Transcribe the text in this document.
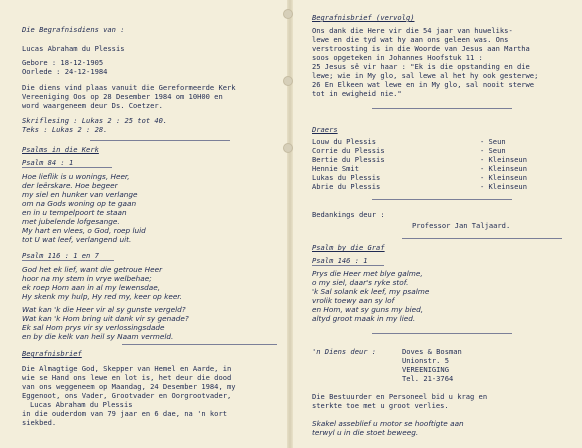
Die Begrafnisdiens van :
Lucas Abraham du Plessis
Gebore : 18-12-1905
Oorlede : 24-12-1984
Die diens vind plaas vanuit die Gereformeerde Kerk
Vereeniging Oos op 28 Desember 1984 om 10H00 en
word waargeneem deur Ds. Coetzer.
Skriflesing : Lukas 2 : 25 tot 40.
Teks : Lukas 2 : 28.
Psalms in die Kerk
Psalm 84 : 1
Hoe lieflik is u wonings, Heer,
der leërskare. Hoe begeer
my siel en hunker van verlange
om na Gods woning op te gaan
en in u tempelpoort te staan
met jubelende lofgesange.
My hart en vlees, o God, roep luid
tot U wat leef, verlangend uit.
Psalm 116 : 1 en 7
God het ek lief, want die getroue Heer
hoor na my stem in vrye welbehae;
ek roep Hom aan in al my lewensdae,
Hy skenk my hulp, Hy red my, keer op keer.
Wat kan 'k die Heer vir al sy gunste vergeld?
Wat kan 'k Hom bring uit dank vir sy genade?
Ek sal Hom prys vir sy verlossingsdade
en by die kelk van heil sy Naam vermeld.
Begrafnisbrief
Die Almagtige God, Skepper van Hemel en Aarde, in
wie se Hand ons lewe en lot is, het deur die dood
van ons weggeneem op Maandag, 24 Desember 1984, my
Eggenoot, ons Vader, Grootvader en Oorgrootvader,
Lucas Abraham du Plessis
in die ouderdom van 79 jaar en 6 dae, na 'n kort
siekbed.
Begrafnisbrief (vervolg)
Ons dank die Here vir die 54 jaar van huweliks-
lewe en die tyd wat hy aan ons geleen was. Ons
verstroosting is in die Woorde van Jesus aan Martha
soos opgeteken in Johannes Hoofstuk 11 :
25 Jesus sê vir haar : "Ek is die opstanding en die
lewe; wie in My glo, sal lewe al het hy ook gesterwe;
26 En Elkeen wat lewe en in My glo, sal nooit sterwe
tot in ewigheid nie."
Draers
Louw du Plessis	- Seun
Corrie du Plessis	- Seun
Bertie du Plessis	- Kleinseun
Hennie Smit	- Kleinseun
Lukas du Plessis	- Kleinseun
Abrie du Plessis	- Kleinseun
Bedankings deur :
Professor Jan Taljaard.
Psalm by die Graf
Psalm 146 : 1
Prys die Heer met blye galme,
o my siel, daar's ryke stof.
'k Sal solank ek leef, my psalme
vrolik toewy aan sy lof
en Hom, wat sy guns my bied,
altyd groot maak in my lied.
'n Diens deur :	Doves & Bosman
Unionstr. 5
VEREENIGING
Tel. 21-3764
Die Bestuurder en Personeel bid u krag en
sterkte toe met u groot verlies.
Skakel asseblief u motor se hooftigte aan
terwyl u in die stoet beweeg.
